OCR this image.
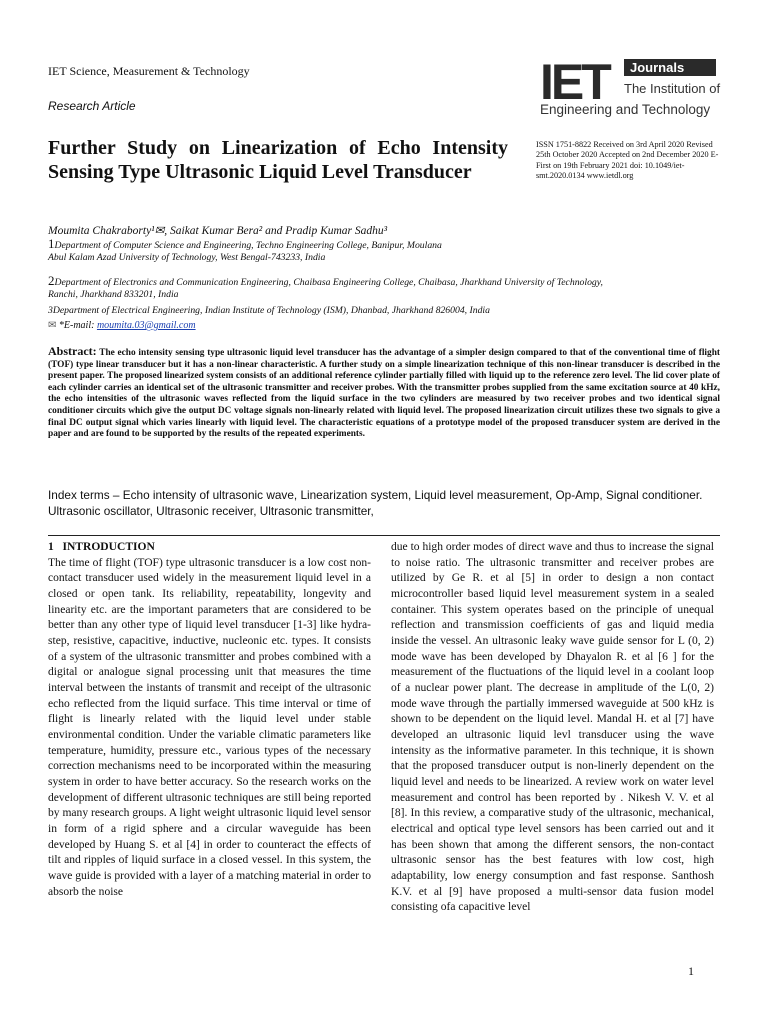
IET Science, Measurement & Technology
Research Article	IET	Journals
The Institution of
Engineering and Technology
Further Study on Linearization of Echo Intensity Sensing Type Ultrasonic Liquid Level Transducer
ISSN 1751-8822 Received on 3rd April 2020 Revised 25th October 2020 Accepted on 2nd December 2020 E-First on 19th February 2021 doi: 10.1049/iet-smt.2020.0134 www.ietdl.org
Moumita Chakraborty¹✉, Saikat Kumar Bera² and Pradip Kumar Sadhu³
1Department of Computer Science and Engineering, Techno Engineering College, Banipur, Moulana
Abul Kalam Azad University of Technology, West Bengal-743233, India
2Department of Electronics and Communication Engineering, Chaibasa Engineering College, Chaibasa, Jharkhand University of Technology,
Ranchi, Jharkhand 833201, India
3Department of Electrical Engineering, Indian Institute of Technology (ISM), Dhanbad, Jharkhand 826004, India
✉ *E-mail: moumita.03@gmail.com
Abstract: The echo intensity sensing type ultrasonic liquid level transducer has the advantage of a simpler design compared to that of the conventional time of flight (TOF) type linear transducer but it has a non-linear characteristic. A further study on a simple linearization technique of this non-linear transducer is described in the present paper. The proposed linearized system consists of an additional reference cylinder partially filled with liquid up to the reference zero level. The lid cover plate of each cylinder carries an identical set of the ultrasonic transmitter and receiver probes. With the transmitter probes supplied from the same excitation source at 40 kHz, the echo intensities of the ultrasonic waves reflected from the liquid surface in the two cylinders are measured by two receiver probes and two identical signal conditioner circuits which give the output DC voltage signals non-linearly related with liquid level. The proposed linearization circuit utilizes these two signals to give a final DC output signal which varies linearly with liquid level. The characteristic equations of a prototype model of the proposed transducer system are derived in the paper and are found to be supported by the results of the repeated experiments.
Index terms – Echo intensity of ultrasonic wave, Linearization system, Liquid level measurement, Op-Amp, Signal conditioner. Ultrasonic oscillator, Ultrasonic receiver, Ultrasonic transmitter,
1 INTRODUCTION
The time of flight (TOF) type ultrasonic transducer is a low cost non-contact transducer used widely in the measurement liquid level in a closed or open tank. Its reliability, repeatability, longevity and linearity etc. are the important parameters that are considered to be better than any other type of liquid level transducer [1-3] like hydra-step, resistive, capacitive, inductive, nucleonic etc. types. It consists of a system of the ultrasonic transmitter and probes combined with a digital or analogue signal processing unit that measures the time interval between the instants of transmit and receipt of the ultrasonic echo reflected from the liquid surface. This time interval or time of flight is linearly related with the liquid level under stable environmental condition. Under the variable climatic parameters like temperature, humidity, pressure etc., various types of the necessary correction mechanisms need to be incorporated within the measuring system in order to have better accuracy. So the research works on the development of different ultrasonic techniques are still being reported by many research groups. A light weight ultrasonic liquid level sensor in form of a rigid sphere and a circular waveguide has been developed by Huang S. et al [4] in order to counteract the effects of tilt and ripples of liquid surface in a closed vessel. In this system, the wave guide is provided with a layer of a matching material in order to absorb the noise
due to high order modes of direct wave and thus to increase the signal to noise ratio. The ultrasonic transmitter and receiver probes are utilized by Ge R. et al [5] in order to design a non contact microcontroller based liquid level measurement system in a sealed container. This system operates based on the principle of unequal reflection and transmission coefficients of gas and liquid media inside the vessel. An ultrasonic leaky wave guide sensor for L (0, 2) mode wave has been developed by Dhayalon R. et al [6 ] for the measurement of the fluctuations of the liquid level in a coolant loop of a nuclear power plant. The decrease in amplitude of the L(0, 2) mode wave through the partially immersed waveguide at 500 kHz is shown to be dependent on the liquid level. Mandal H. et al [7] have developed an ultrasonic liquid levl transducer using the wave intensity as the informative parameter. In this technique, it is shown that the proposed transducer output is non-linerly dependent on the liquid level and needs to be linearized. A review work on water level measurement and control has been reported by . Nikesh V. V. et al [8]. In this review, a comparative study of the ultrasonic, mechanical, electrical and optical type level sensors has been carried out and it has been shown that among the different sensors, the non-contact ultrasonic sensor has the best features with low cost, high adaptability, low energy consumption and fast response. Santhosh K.V. et al [9] have proposed a multi-sensor data fusion model consisting ofa capacitive level
1
